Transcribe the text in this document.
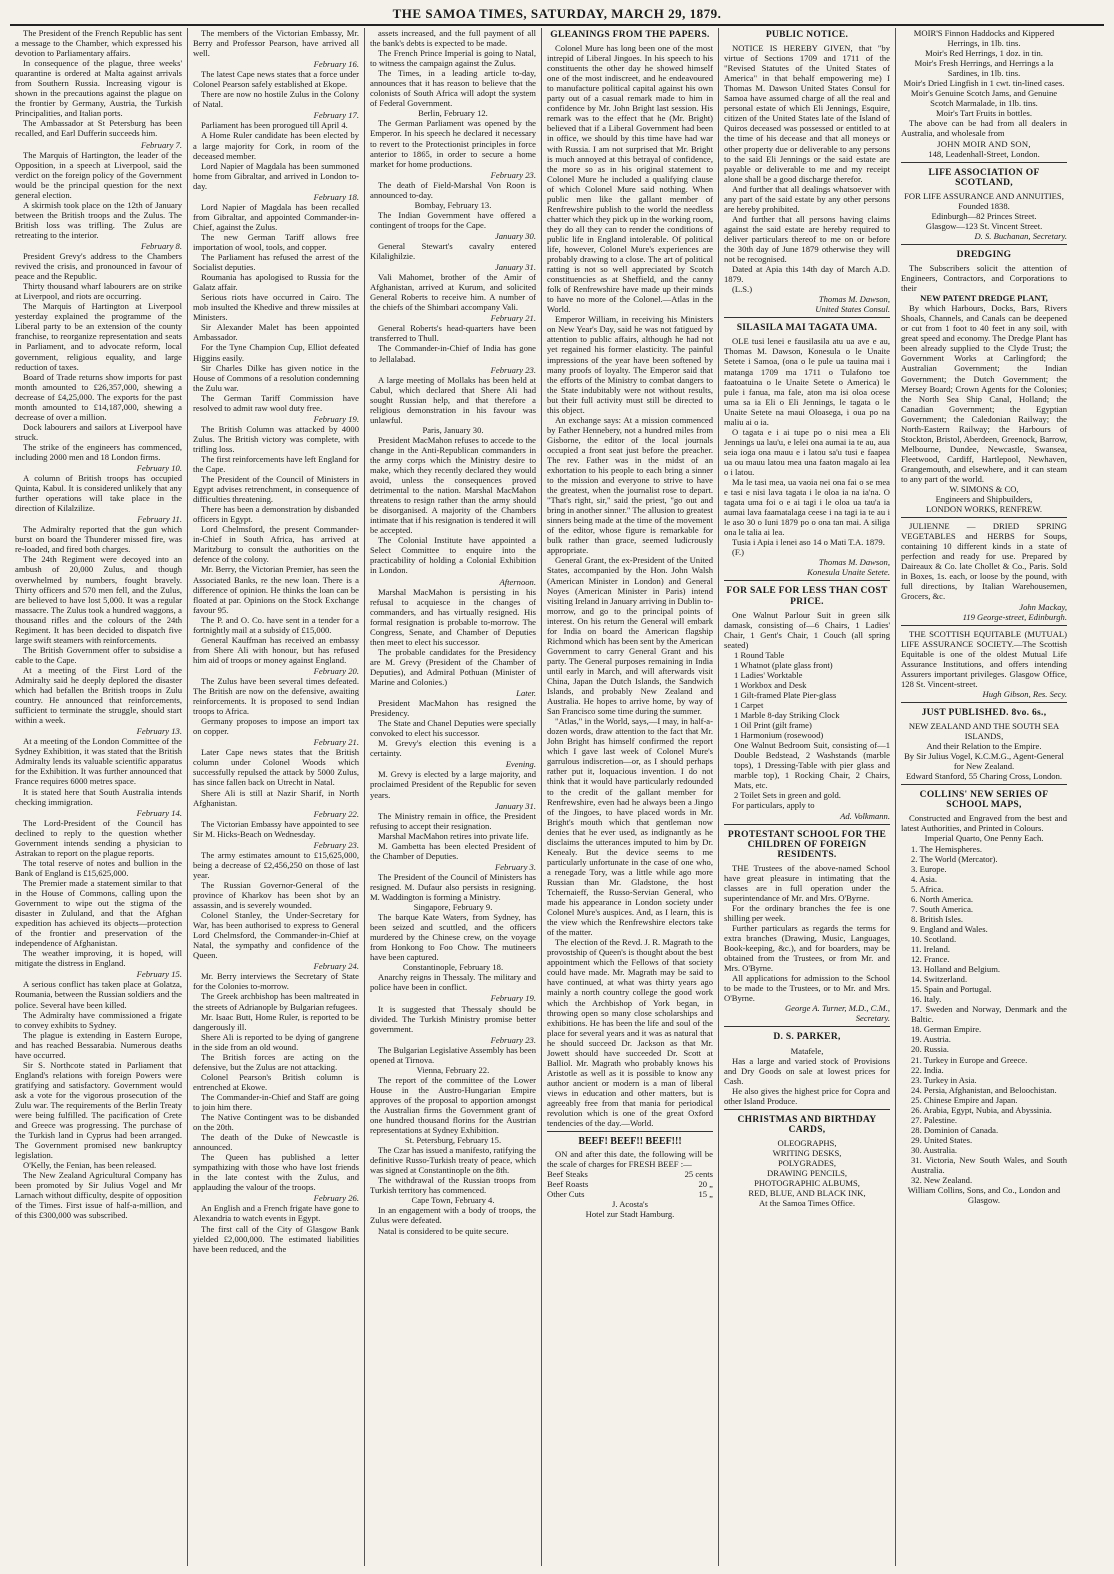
THE SAMOA TIMES, SATURDAY, MARCH 29, 1879.

The President of the French Republic has sent a message to the Chamber, which expressed his devotion to Parliamentary affairs.

In consequence of the plague, three weeks' quarantine is ordered at Malta against arrivals from Southern Russia. Increasing vigour is shown in the precautions against the plague on the frontier by Germany, Austria, the Turkish Principalities, and Italian ports.

The Ambassador at St Petersburg has been recalled, and Earl Dufferin succeeds him.

February 7.

The Marquis of Hartington, the leader of the Opposition, in a speech at Liverpool, said the verdict on the foreign policy of the Government would be the principal question for the next general election.

A skirmish took place on the 12th of January between the British troops and the Zulus. The British loss was trifling. The Zulus are retreating to the interior.

February 8.

President Grevy's address to the Chambers revived the crisis, and pronounced in favour of peace and the Republic.

Thirty thousand wharf labourers are on strike at Liverpool, and riots are occurring.

The Marquis of Hartington at Liverpool yesterday explained the programme of the Liberal party to be an extension of the county franchise, to reorganize representation and seats in Parliament, and to advocate reform, local government, religious equality, and large reduction of taxes.

Board of Trade returns show imports for past month amounted to £26,357,000, shewing a decrease of £4,25,000. The exports for the past month amounted to £14,187,000, shewing a decrease of over a million.

Dock labourers and sailors at Liverpool have struck.

The strike of the engineers has commenced, including 2000 men and 18 London firms.

February 10.

A column of British troops has occupied Quinta, Kabul. It is considered unlikely that any further operations will take place in the direction of Kilalzilize.

February 11.

The Admiralty reported that the gun which burst on board the Thunderer missed fire, was re-loaded, and fired both charges.

The 24th Regiment were decoyed into an ambush of 20,000 Zulus, and though overwhelmed by numbers, fought bravely. Thirty officers and 570 men fell, and the Zulus, are believed to have lost 5,000. It was a regular massacre. The Zulus took a hundred waggons, a thousand rifles and the colours of the 24th Regiment. It has been decided to dispatch five large swift steamers with reinforcements.

The British Government offer to subsidise a cable to the Cape.

At a meeting of the First Lord of the Admiralty said he deeply deplored the disaster which had befallen the British troops in Zulu country. He announced that reinforcements, sufficient to terminate the struggle, should start within a week.

February 13.

At a meeting of the London Committee of the Sydney Exhibition, it was stated that the British Admiralty lends its valuable scientific apparatus for the Exhibition. It was further announced that France requires 6000 metres space.

It is stated here that South Australia intends checking immigration.

February 14.

The Lord-President of the Council has declined to reply to the question whether Government intends sending a physician to Astrakan to report on the plague reports.

The total reserve of notes and bullion in the Bank of England is £15,625,000.

The Premier made a statement similar to that in the House of Commons, calling upon the Government to wipe out the stigma of the disaster in Zululand, and that the Afghan expedition has achieved its objects—protection of the frontier and preservation of the independence of Afghanistan.

The weather improving, it is hoped, will mitigate the distress in England.

February 15.

A serious conflict has taken place at Golatza, Roumania, between the Russian soldiers and the police. Several have been killed.

The Admiralty have commissioned a frigate to convey exhibits to Sydney.

The plague is extending in Eastern Europe, and has reached Bessarabia. Numerous deaths have occurred.

Sir S. Northcote stated in Parliament that England's relations with foreign Powers were gratifying and satisfactory. Government would ask a vote for the vigorous prosecution of the Zulu war. The requirements of the Berlin Treaty were being fulfilled. The pacification of Crete and Greece was progressing. The purchase of the Turkish land in Cyprus had been arranged. The Government promised new bankruptcy legislation.

O'Kelly, the Fenian, has been released.

The New Zealand Agricultural Company has been promoted by Sir Julius Vogel and Mr Larnach without difficulty, despite of opposition of the Times. First issue of half-a-million, and of this £300,000 was subscribed.

The members of the Victorian Embassy, Mr. Berry and Professor Pearson, have arrived all well.

February 16.

The latest Cape news states that a force under Colonel Pearson safely established at Ekope.

There are now no hostile Zulus in the Colony of Natal.

February 17.

Parliament has been prorogued till April 4.

A Home Ruler candidate has been elected by a large majority for Cork, in room of the deceased member.

Lord Napier of Magdala has been summoned home from Gibraltar, and arrived in London to-day.

February 18.

Lord Napier of Magdala has been recalled from Gibraltar, and appointed Commander-in-Chief, against the Zulus.

The new German Tariff allows free importation of wool, tools, and copper.

The Parliament has refused the arrest of the Socialist deputies.

Roumania has apologised to Russia for the Galatz affair.

Serious riots have occurred in Cairo. The mob insulted the Khedive and threw missiles at Ministers.

Sir Alexander Malet has been appointed Ambassador.

For the Tyne Champion Cup, Elliot defeated Higgins easily.

Sir Charles Dilke has given notice in the House of Commons of a resolution condemning the Zulu war.

The German Tariff Commission have resolved to admit raw wool duty free.

February 19.

The British Column was attacked by 4000 Zulus. The British victory was complete, with trifling loss.

The first reinforcements have left England for the Cape.

The President of the Council of Ministers in Egypt advises retrenchment, in consequence of difficulties threatening.

There has been a demonstration by disbanded officers in Egypt.

Lord Chelmsford, the present Commander-in-Chief in South Africa, has arrived at Maritzburg to consult the authorities on the defence of the colony.

Mr. Berry, the Victorian Premier, has seen the Associated Banks, re the new loan. There is a difference of opinion. He thinks the loan can be floated at par. Opinions on the Stock Exchange favour 95.

The P. and O. Co. have sent in a tender for a fortnightly mail at a subsidy of £15,000.

General Kauffman has received an embassy from Shere Ali with honour, but has refused him aid of troops or money against England.

February 20.

The Zulus have been several times defeated. The British are now on the defensive, awaiting reinforcements. It is proposed to send Indian troops to Africa.

Germany proposes to impose an import tax on copper.

February 21.

Later Cape news states that the British column under Colonel Woods which successfully repulsed the attack by 5000 Zulus, has since fallen back on Utrecht in Natal.

Shere Ali is still at Nazir Sharif, in North Afghanistan.

February 22.

The Victorian Embassy have appointed to see Sir M. Hicks-Beach on Wednesday.

February 23.

The army estimates amount to £15,625,000, being a decrease of £2,456,250 on those of last year.

The Russian Governor-General of the province of Kharkov has been shot by an assassin, and is severely wounded.

Colonel Stanley, the Under-Secretary for War, has been authorised to express to General Lord Chelmsford, the Commander-in-Chief at Natal, the sympathy and confidence of the Queen.

February 24.

Mr. Berry interviews the Secretary of State for the Colonies to-morrow.

The Greek archbishop has been maltreated in the streets of Adrianople by Bulgarian refugees.

Mr. Isaac Butt, Home Ruler, is reported to be dangerously ill.

Shere Ali is reported to be dying of gangrene in the side from an old wound.

The British forces are acting on the defensive, but the Zulus are not attacking.

Colonel Pearson's British column is entrenched at Ekowe.

The Commander-in-Chief and Staff are going to join him there.

The Native Contingent was to be disbanded on the 20th.

The death of the Duke of Newcastle is announced.

The Queen has published a letter sympathizing with those who have lost friends in the late contest with the Zulus, and applauding the valour of the troops.

February 26.

An English and a French frigate have gone to Alexandria to watch events in Egypt.

The first call of the City of Glasgow Bank yielded £2,000,000. The estimated liabilities have been reduced, and the

assets increased, and the full payment of all the bank's debts is expected to be made.

The French Prince Imperial is going to Natal, to witness the campaign against the Zulus.

The Times, in a leading article to-day, announces that it has reason to believe that the colonists of South Africa will adopt the system of Federal Government.

Berlin, February 12.

The German Parliament was opened by the Emperor. In his speech he declared it necessary to revert to the Protectionist principles in force anterior to 1865, in order to secure a home market for home productions.

February 23.

The death of Field-Marshal Von Roon is announced to-day.

Bombay, February 13.

The Indian Government have offered a contingent of troops for the Cape.

January 30.

General Stewart's cavalry entered Kilalighilzie.

January 31.

Vali Mahomet, brother of the Amir of Afghanistan, arrived at Kurum, and solicited General Roberts to receive him. A number of the chiefs of the Shimbari accompany Vali.

February 21.

General Roberts's head-quarters have been transferred to Thull.

The Commander-in-Chief of India has gone to Jellalabad.

February 23.

A large meeting of Mollaks has been held at Cabul, which declared that Shere Ali had sought Russian help, and that therefore a religious demonstration in his favour was unlawful.

Paris, January 30.

President MacMahon refuses to accede to the change in the Anti-Republican commanders in the army corps which the Ministry desire to make, which they recently declared they would avoid, unless the consequences proved detrimental to the nation. Marshal MacMahon threatens to resign rather than the army should be disorganised. A majority of the Chambers intimate that if his resignation is tendered it will be accepted.

The Colonial Institute have appointed a Select Committee to enquire into the practicability of holding a Colonial Exhibition in London.

Afternoon.

Marshal MacMahon is persisting in his refusal to acquiesce in the changes of commanders, and has virtually resigned. His formal resignation is probable to-morrow. The Congress, Senate, and Chamber of Deputies then meet to elect his successor.

The probable candidates for the Presidency are M. Grevy (President of the Chamber of Deputies), and Admiral Pothuan (Minister of Marine and Colonies.)

Later.

President MacMahon has resigned the Presidency.

The State and Chanel Deputies were specially convoked to elect his successor.

M. Grevy's election this evening is a certainty.

Evening.

M. Grevy is elected by a large majority, and proclaimed President of the Republic for seven years.

January 31.

The Ministry remain in office, the President refusing to accept their resignation.

Marshal MacMahon retires into private life.

M. Gambetta has been elected President of the Chamber of Deputies.

February 3.

The President of the Council of Ministers has resigned. M. Dufaur also persists in resigning. M. Waddington is forming a Ministry.

Singapore, February 9.

The barque Kate Waters, from Sydney, has been seized and scuttled, and the officers murdered by the Chinese crew, on the voyage from Honkong to Foo Chow. The mutineers have been captured.

Constantinople, February 18.

Anarchy reigns in Thessaly. The military and police have been in conflict.

February 19.

It is suggested that Thessaly should be divided. The Turkish Ministry promise better government.

February 23.

The Bulgarian Legislative Assembly has been opened at Tirnova.

Vienna, February 22.

The report of the committee of the Lower House in the Austro-Hungarian Empire approves of the proposal to apportion amongst the Australian firms the Government grant of one hundred thousand florins for the Austrian representations at Sydney Exhibition.

St. Petersburg, February 15.

The Czar has issued a manifesto, ratifying the definitive Russo-Turkish treaty of peace, which was signed at Constantinople on the 8th.

The withdrawal of the Russian troops from Turkish territory has commenced.

Cape Town, February 4.

In an engagement with a body of troops, the Zulus were defeated.

Natal is considered to be quite secure.

GLEANINGS FROM THE PAPERS.

Colonel Mure has long been one of the most intrepid of Liberal Jingoes. In his speech to his constituents the other day he showed himself one of the most indiscreet, and he endeavoured to manufacture political capital against his own party out of a casual remark made to him in confidence by Mr. John Bright last session. His remark was to the effect that he (Mr. Bright) believed that if a Liberal Government had been in office, we should by this time have had war with Russia. I am not surprised that Mr. Bright is much annoyed at this betrayal of confidence, the more so as in his original statement to Colonel Mure he included a qualifying clause of which Colonel Mure said nothing. When public men like the gallant member of Renfrewshire publish to the world the needless chatter which they pick up in the working room, they do all they can to render the conditions of public life in England intolerable. Of political life, however, Colonel Mure's experiences are probably drawing to a close. The art of political ratting is not so well appreciated by Scotch constituencies as at Sheffield, and the canny folk of Renfrewshire have made up their minds to have no more of the Colonel.—Atlas in the World.

Emperor William, in receiving his Ministers on New Year's Day, said he was not fatigued by attention to public affairs, although he had not yet regained his former elasticity. The painful impressions of the year have been softened by many proofs of loyalty. The Emperor said that the efforts of the Ministry to combat dangers to the State indubitably were not without results, but their full activity must still be directed to this object.

An exchange says: At a mission commenced by Father Hennebery, not a hundred miles from Gisborne, the editor of the local journals occupied a front seat just before the preacher. The rev. Father was in the midst of an exhortation to his people to each bring a sinner to the mission and everyone to strive to have the greatest, when the journalist rose to depart. "That's right, sir," said the priest, "go out and bring in another sinner." The allusion to greatest sinners being made at the time of the movement of the editor, whose figure is remarkable for bulk rather than grace, seemed ludicrously appropriate.

General Grant, the ex-President of the United States, accompanied by the Hon. John Walsh (American Minister in London) and General Noyes (American Minister in Paris) intend visiting Ireland in January arriving in Dublin to-morrow, and go to the principal points of interest. On his return the General will embark for India on board the American flagship Richmond which has been sent by the American Government to carry General Grant and his party. The General purposes remaining in India until early in March, and will afterwards visit China, Japan the Dutch Islands, the Sandwich Islands, and probably New Zealand and Australia. He hopes to arrive home, by way of San Francisco some time during the summer.

"Atlas," in the World, says,—I may, in half-a-dozen words, draw attention to the fact that Mr. John Bright has himself confirmed the report which I gave last week of Colonel Mure's garrulous indiscretion—or, as I should perhaps rather put it, loquacious invention. I do not think that it would have particularly redounded to the credit of the gallant member for Renfrewshire, even had he always been a Jingo of the Jingoes, to have placed words in Mr. Bright's mouth which that gentleman now denies that he ever used, as indignantly as he disclaims the utterances imputed to him by Dr. Kenealy. But the device seems to me particularly unfortunate in the case of one who, a renegade Tory, was a little while ago more Russian than Mr. Gladstone, the host Tchernaieff, the Russo-Servian General, who made his appearance in London society under Colonel Mure's auspices. And, as I learn, this is the view which the Renfrewshire electors take of the matter.

The election of the Revd. J. R. Magrath to the provostship of Queen's is thought about the best appointment which the Fellows of that society could have made. Mr. Magrath may be said to have continued, at what was thirty years ago mainly a north country college the good work which the Archbishop of York began, in throwing open so many close scholarships and exhibitions. He has been the life and soul of the place for several years and it was as natural that he should succeed Dr. Jackson as that Mr. Jowett should have succeeded Dr. Scott at Balliol. Mr. Magrath who probably knows his Aristotle as well as it is possible to know any author ancient or modern is a man of liberal views in education and other matters, but is agreeably free from that mania for periodical revolution which is one of the great Oxford tendencies of the day.—World.

BEEF! BEEF!! BEEF!!!

ON and after this date, the following will be the scale of charges for FRESH BEEF :—

Beef Steaks	25 cents
Beef Roasts	20 „
Other Cuts	15 „

J. Acosta's

Hotel zur Stadt Hamburg.

PUBLIC NOTICE.

NOTICE IS HEREBY GIVEN, that "by virtue of Sections 1709 and 1711 of the "Revised Statutes of the United States of America" in that behalf empowering me) I Thomas M. Dawson United States Consul for Samoa have assumed charge of all the real and personal estate of which Eli Jennings, Esquire, citizen of the United States late of the Island of Quiros deceased was possessed or entitled to at the time of his decease and that all moneys or other property due or deliverable to any persons to the said Eli Jennings or the said estate are payable or deliverable to me and my receipt alone shall be a good discharge therefor.

And further that all dealings whatsoever with any part of the said estate by any other persons are hereby prohibited.

And further that all persons having claims against the said estate are hereby required to deliver particulars thereof to me on or before the 30th day of June 1879 otherwise they will not be recognised.

Dated at Apia this 14th day of March A.D. 1879.

(L.S.)

Thomas M. Dawson,

United States Consul.

SILASILA MAI TAGATA UMA.

OLE tusi lenei e fausilasila atu ua ave e au, Thomas M. Dawson, Konesula o le Unaite Setete i Samoa, (ona o le pule ua tauina mai i matanga 1709 ma 1711 o Tulafono toe faatoatuina o le Unaite Setete o America) le pule i fanua, ma fale, aton ma isi oloa ocese uma sa ia Eli o Eli Jennings, le tagata o le Unaite Setete na maui Oloasega, i oua po na maliu ai o ia.

O tagata e i ai tupe po o nisi mea a Eli Jennings ua lau'u, e lelei ona aumai ia te au, aua seia ioga ona mauu e i latou sa'u tusi e faapea ua ou mauu latou mea una faaton magalo ai lea o i latou.

Ma le tasi mea, ua vaoia nei ona fai o se mea e tasi e nisi lava tagata i le oloa ia na ia'na. O tagata uma foi o e ai tagi i le oloa ua tau'a ia aumai lava faamatalaga ceese i na tagi ia te au i le aso 30 o Iuni 1879 po o ona tan mai. A siliga ona le talia ai lea.

Tusia i Apia i lenei aso 14 o Mati T.A. 1879.

(F.)

Thomas M. Dawson,

Konesula Unaite Setete.

FOR SALE FOR LESS THAN COST PRICE.

One Walnut Parlour Suit in green silk damask, consisting of—6 Chairs, 1 Ladies' Chair, 1 Gent's Chair, 1 Couch (all spring seated)

1 Round Table
1 Whatnot (plate glass front)
1 Ladies' Worktable
1 Workbox and Desk
1 Gilt-framed Plate Pier-glass
1 Carpet
1 Marble 8-day Striking Clock
1 Oil Print (gilt frame)
1 Harmonium (rosewood)
One Walnut Bedroom Suit, consisting of—1 Double Bedstead, 2 Washstands (marble tops), 1 Dressing-Table with pier glass and marble top), 1 Rocking Chair, 2 Chairs, Mats, etc.
2 Toilet Sets in green and gold.

For particulars, apply to

Ad. Volkmann.

PROTESTANT SCHOOL FOR THE CHILDREN OF FOREIGN RESIDENTS.

THE Trustees of the above-named School have great pleasure in intimating that the classes are in full operation under the superintendance of Mr. and Mrs. O'Byrne.

For the ordinary branches the fee is one shilling per week.

Further particulars as regards the terms for extra branches (Drawing, Music, Languages, Book-keeping, &c.), and for boarders, may be obtained from the Trustees, or from Mr. and Mrs. O'Byrne.

All applications for admission to the School to be made to the Trustees, or to Mr. and Mrs. O'Byrne.

George A. Turner, M.D., C.M.,

Secretary.

D. S. PARKER,

Matafele,

Has a large and varied stock of Provisions and Dry Goods on sale at lowest prices for Cash.

He also gives the highest price for Copra and other Island Produce.

CHRISTMAS AND BIRTHDAY CARDS,

OLEOGRAPHS,

WRITING DESKS,

POLYGRADES,

DRAWING PENCILS,

PHOTOGRAPHIC ALBUMS,

RED, BLUE, AND BLACK INK,

At the Samoa Times Office.

MOIR'S Finnon Haddocks and Kippered Herrings, in 1lb. tins.

Moir's Red Herrings, 1 doz. in tin.

Moir's Fresh Herrings, and Herrings a la Sardines, in 1lb. tins.

Moir's Dried Lingfish in 1 cwt. tin-lined cases.

Moir's Genuine Scotch Jams, and Genuine Scotch Marmalade, in 1lb. tins.

Moir's Tart Fruits in bottles.

The above can be had from all dealers in Australia, and wholesale from

JOHN MOIR AND SON,

148, Leadenhall-Street, London.

LIFE ASSOCIATION OF SCOTLAND,

FOR LIFE ASSURANCE AND ANNUITIES,

Founded 1838.

Edinburgh—82 Princes Street.

Glasgow—123 St. Vincent Street.

D. S. Buchanan, Secretary.

DREDGING

The Subscribers solicit the attention of Engineers, Contractors, and Corporations to their

NEW PATENT DREDGE PLANT,

By which Harbours, Docks, Bars, Rivers Shoals, Channels, and Canals can be deepened or cut from 1 foot to 40 feet in any soil, with great speed and economy. The Dredge Plant has been already supplied to the Clyde Trust; the Government Works at Carlingford; the Australian Government; the Indian Government; the Dutch Government; the Mersey Board; Crown Agents for the Colonies; the North Sea Ship Canal, Holland; the Canadian Government; the Egyptian Government; the Caledonian Railway; the North-Eastern Railway; the Harbours of Stockton, Bristol, Aberdeen, Greenock, Barrow, Melbourne, Dundee, Newcastle, Swansea, Fleetwood, Cardiff, Hartlepool, Newhaven, Grangemouth, and elsewhere, and it can steam to any part of the world.

W. SIMONS & CO,

Engineers and Shipbuilders,

LONDON WORKS, RENFREW.

JULIENNE — DRIED SPRING VEGETABLES and HERBS for Soups, containing 10 different kinds in a state of perfection and ready for use. Prepared by Daireaux & Co. late Chollet & Co., Paris. Sold in Boxes, 1s. each, or loose by the pound, with full directions, by Italian Warehousemen, Grocers, &c.

John Mackay,

119 George-street, Edinburgh.

THE SCOTTISH EQUITABLE (MUTUAL) LIFE ASSURANCE SOCIETY.—The Scottish Equitable is one of the oldest Mutual Life Assurance Institutions, and offers intending Assurers important privileges. Glasgow Office, 128 St. Vincent-street.

Hugh Gibson, Res. Secy.

JUST PUBLISHED. 8vo. 6s.,

NEW ZEALAND AND THE SOUTH SEA ISLANDS,

And their Relation to the Empire.

By Sir Julius Vogel, K.C.M.G., Agent-General for New Zealand.

Edward Stanford, 55 Charing Cross, London.

COLLINS' NEW SERIES OF SCHOOL MAPS,

Constructed and Engraved from the best and latest Authorities, and Printed in Colours.

Imperial Quarto, One Penny Each.

1. The Hemispheres.
2. The World (Mercator).
3. Europe.
4. Asia.
5. Africa.
6. North America.
7. South America.
8. British Isles.
9. England and Wales.
10. Scotland.
11. Ireland.
12. France.
13. Holland and Belgium.
14. Switzerland.
15. Spain and Portugal.
16. Italy.
17. Sweden and Norway, Denmark and the Baltic.
18. German Empire.
19. Austria.
20. Russia.
21. Turkey in Europe and Greece.
22. India.
23. Turkey in Asia.
24. Persia, Afghanistan, and Beloochistan.
25. Chinese Empire and Japan.
26. Arabia, Egypt, Nubia, and Abyssinia.
27. Palestine.
28. Dominion of Canada.
29. United States.
30. Australia.
31. Victoria, New South Wales, and South Australia.
32. New Zealand.

William Collins, Sons, and Co., London and Glasgow.
